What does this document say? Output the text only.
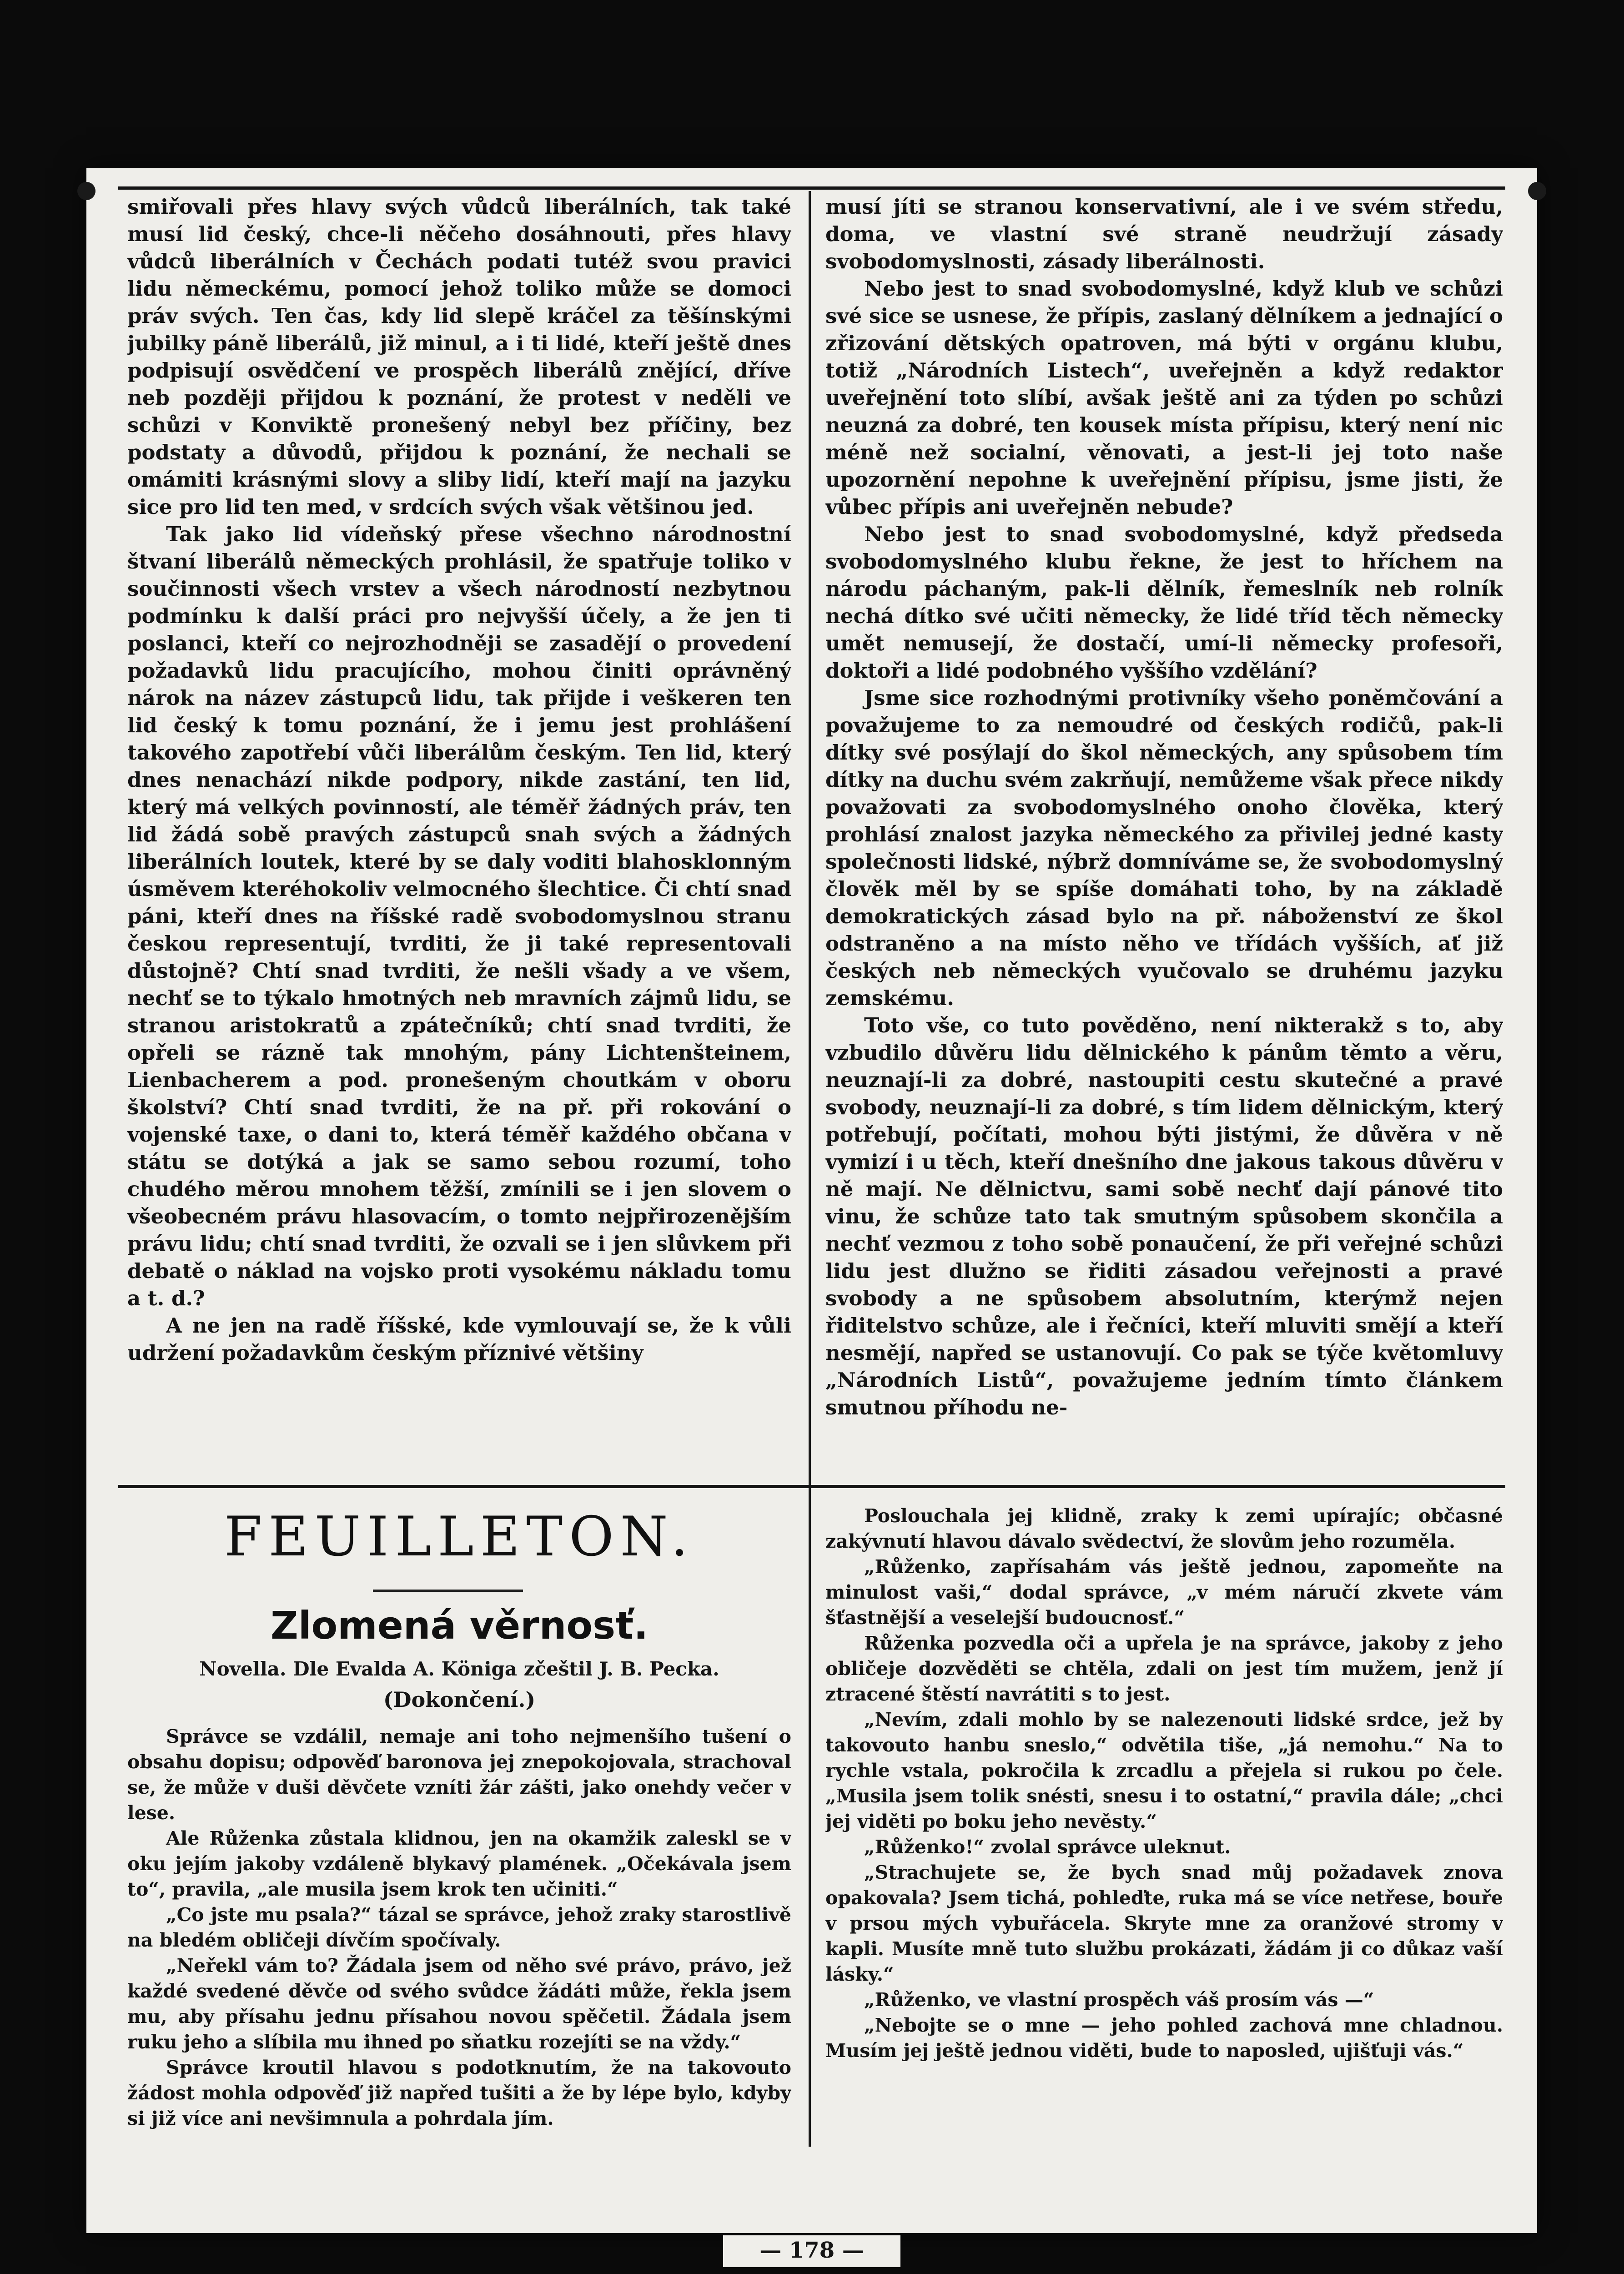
smiřovali přes hlavy svých vůdců liberálních, tak také musí lid český, chce-li něčeho dosáhnouti, přes hlavy vůdců liberálních v Čechách podati tutéž svou pravici lidu německému, pomocí jehož toliko může se domoci práv svých. Ten čas, kdy lid slepě kráčel za těšínskými jubilky páně liberálů, již minul, a i ti lidé, kteří ještě dnes podpisují osvědčení ve prospěch liberálů znějící, dříve neb později přijdou k poznání, že protest v neděli ve schůzi v Konviktě pronešený nebyl bez příčiny, bez podstaty a důvodů, přijdou k poznání, že nechali se omámiti krásnými slovy a sliby lidí, kteří mají na jazyku sice pro lid ten med, v srdcích svých však většinou jed.

Tak jako lid vídeňský přese všechno národnostní štvaní liberálů německých prohlásil, že spatřuje toliko v součinnosti všech vrstev a všech národností nezbytnou podmínku k další práci pro nejvyšší účely, a že jen ti poslanci, kteří co nejrozhodněji se zasadějí o provedení požadavků lidu pracujícího, mohou činiti oprávněný nárok na název zástupců lidu, tak přijde i veškeren ten lid český k tomu poznání, že i jemu jest prohlášení takového zapotřebí vůči liberálům českým. Ten lid, který dnes nenachází nikde podpory, nikde zastání, ten lid, který má velkých povinností, ale téměř žádných práv, ten lid žádá sobě pravých zástupců snah svých a žádných liberálních loutek, které by se daly voditi blahosklonným úsměvem kteréhokoliv velmocného šlechtice. Či chtí snad páni, kteří dnes na říšské radě svobodomyslnou stranu českou representují, tvrditi, že ji také representovali důstojně? Chtí snad tvrditi, že nešli všady a ve všem, nechť se to týkalo hmotných neb mravních zájmů lidu, se stranou aristokratů a zpátečníků; chtí snad tvrditi, že opřeli se rázně tak mnohým, pány Lichtenšteinem, Lienbacherem a pod. pronešeným choutkám v oboru školství? Chtí snad tvrditi, že na př. při rokování o vojenské taxe, o dani to, která téměř každého občana v státu se dotýká a jak se samo sebou rozumí, toho chudého měrou mnohem těžší, zmínili se i jen slovem o všeobecném právu hlasovacím, o tomto nejpřirozenějším právu lidu; chtí snad tvrditi, že ozvali se i jen slůvkem při debatě o náklad na vojsko proti vysokému nákladu tomu a t. d.?

A ne jen na radě říšské, kde vymlouvají se, že k vůli udržení požadavkům českým příznivé většiny

musí jíti se stranou konservativní, ale i ve svém středu, doma, ve vlastní své straně neudržují zásady svobodomyslnosti, zásady liberálnosti.

Nebo jest to snad svobodomyslné, když klub ve schůzi své sice se usnese, že přípis, zaslaný dělníkem a jednající o zřizování dětských opatroven, má býti v orgánu klubu, totiž „Národních Listech“, uveřejněn a když redaktor uveřejnění toto slíbí, avšak ještě ani za týden po schůzi neuzná za dobré, ten kousek místa přípisu, který není nic méně než socialní, věnovati, a jest-li jej toto naše upozornění nepohne k uveřejnění přípisu, jsme jisti, že vůbec přípis ani uveřejněn nebude?

Nebo jest to snad svobodomyslné, když předseda svobodomyslného klubu řekne, že jest to hříchem na národu páchaným, pak-li dělník, řemeslník neb rolník nechá dítko své učiti německy, že lidé tříd těch německy umět nemusejí, že dostačí, umí-li německy profesoři, doktoři a lidé podobného vyššího vzdělání?

Jsme sice rozhodnými protivníky všeho poněmčování a považujeme to za nemoudré od českých rodičů, pak-li dítky své posýlají do škol německých, any spůsobem tím dítky na duchu svém zakrňují, nemůžeme však přece nikdy považovati za svobodomyslného onoho člověka, který prohlásí znalost jazyka německého za přivilej jedné kasty společnosti lidské, nýbrž domníváme se, že svobodomyslný člověk měl by se spíše domáhati toho, by na základě demokratických zásad bylo na př. náboženství ze škol odstraněno a na místo něho ve třídách vyšších, ať již českých neb německých vyučovalo se druhému jazyku zemskému.

Toto vše, co tuto pověděno, není nikterakž s to, aby vzbudilo důvěru lidu dělnického k pánům těmto a věru, neuznají-li za dobré, nastoupiti cestu skutečné a pravé svobody, neuznají-li za dobré, s tím lidem dělnickým, který potřebují, počítati, mohou býti jistými, že důvěra v ně vymizí i u těch, kteří dnešního dne jakous takous důvěru v ně mají. Ne dělnictvu, sami sobě nechť dají pánové tito vinu, že schůze tato tak smutným spůsobem skončila a nechť vezmou z toho sobě ponaučení, že při veřejné schůzi lidu jest dlužno se řiditi zásadou veřejnosti a pravé svobody a ne spůsobem absolutním, kterýmž nejen řiditelstvo schůze, ale i řečníci, kteří mluviti smějí a kteří nesmějí, napřed se ustanovují. Co pak se týče květomluvy „Národních Listů“, považujeme jedním tímto článkem smutnou příhodu ne-

FEUILLETON.
Zlomená věrnosť.
Novella. Dle Evalda A. Königa zčeštil J. B. Pecka.
(Dokončení.)

Správce se vzdálil, nemaje ani toho nejmenšího tušení o obsahu dopisu; odpověď baronova jej znepokojovala, strachoval se, že může v duši děvčete vzníti žár zášti, jako onehdy večer v lese.

Ale Růženka zůstala klidnou, jen na okamžik zaleskl se v oku jejím jakoby vzdáleně blykavý plamének. „Očekávala jsem to“, pravila, „ale musila jsem krok ten učiniti.“

„Co jste mu psala?“ tázal se správce, jehož zraky starostlivě na bledém obličeji dívčím spočívaly.

„Neřekl vám to? Žádala jsem od něho své právo, právo, jež každé svedené děvče od svého svůdce žádáti může, řekla jsem mu, aby přísahu jednu přísahou novou spěčetil. Žádala jsem ruku jeho a slíbila mu ihned po sňatku rozejíti se na vždy.“

Správce kroutil hlavou s podotknutím, že na takovouto žádost mohla odpověď již napřed tušiti a že by lépe bylo, kdyby si již více ani nevšimnula a pohrdala jím.

Poslouchala jej klidně, zraky k zemi upírajíc; občasné zakývnutí hlavou dávalo svědectví, že slovům jeho rozuměla.

„Růženko, zapřísahám vás ještě jednou, zapomeňte na minulost vaši,“ dodal správce, „v mém náručí zkvete vám šťastnější a veselejší budoucnosť.“

Růženka pozvedla oči a upřela je na správce, jakoby z jeho obličeje dozvěděti se chtěla, zdali on jest tím mužem, jenž jí ztracené štěstí navrátiti s to jest.

„Nevím, zdali mohlo by se nalezenouti lidské srdce, jež by takovouto hanbu sneslo,“ odvětila tiše, „já nemohu.“ Na to rychle vstala, pokročila k zrcadlu a přejela si rukou po čele. „Musila jsem tolik snésti, snesu i to ostatní,“ pravila dále; „chci jej viděti po boku jeho nevěsty.“

„Růženko!“ zvolal správce uleknut.

„Strachujete se, že bych snad můj požadavek znova opakovala? Jsem tichá, pohleďte, ruka má se více netřese, bouře v prsou mých vybuřácela. Skryte mne za oranžové stromy v kapli. Musíte mně tuto službu prokázati, žádám ji co důkaz vaší lásky.“

„Růženko, ve vlastní prospěch váš prosím vás —“

„Nebojte se o mne — jeho pohled zachová mne chladnou. Musím jej ještě jednou viděti, bude to naposled, ujišťuji vás.“

— 178 —
